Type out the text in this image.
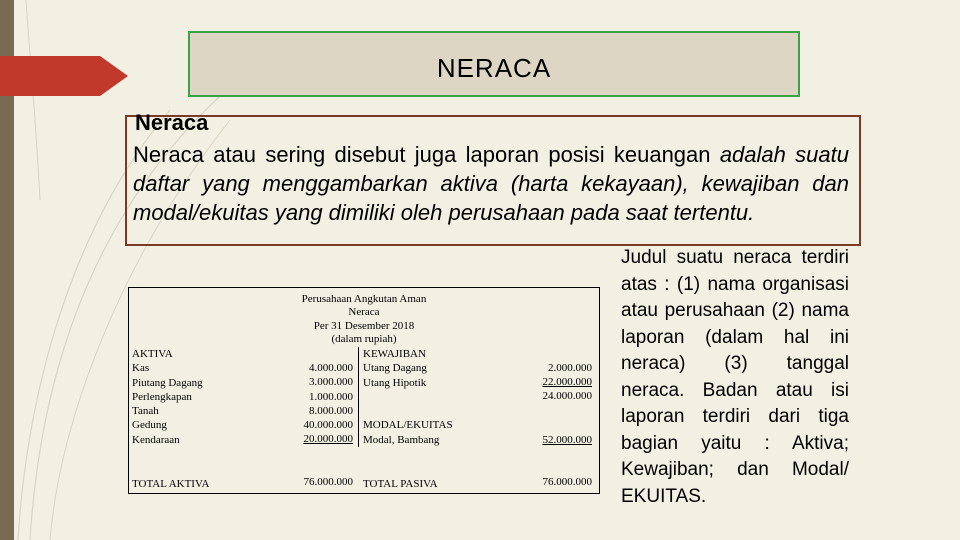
NERACA
Neraca
Neraca atau sering disebut juga laporan posisi keuangan adalah suatu daftar yang menggambarkan aktiva (harta kekayaan), kewajiban dan modal/ekuitas yang dimiliki oleh perusahaan pada saat tertentu.
Judul suatu neraca terdiri atas : (1) nama organisasi atau perusahaan (2) nama laporan (dalam hal ini neraca) (3) tanggal neraca. Badan atau isi laporan terdiri dari tiga bagian yaitu : Aktiva; Kewajiban; dan Modal/ EKUITAS.
Perusahaan Angkutan Aman
Neraca
Per 31 Desember 2018
(dalam rupiah)
AKTIVA
Kas
Piutang Dagang
Perlengkapan
Tanah
Gedung
Kendaraan
4.000.000
3.000.000
1.000.000
8.000.000
40.000.000
20.000.000
KEWAJIBAN
Utang Dagang
Utang Hipotik

MODAL/EKUITAS
Modal, Bambang
2.000.000
22.000.000
24.000.000
52.000.000
TOTAL AKTIVA	76.000.000 TOTAL PASIVA	76.000.000
